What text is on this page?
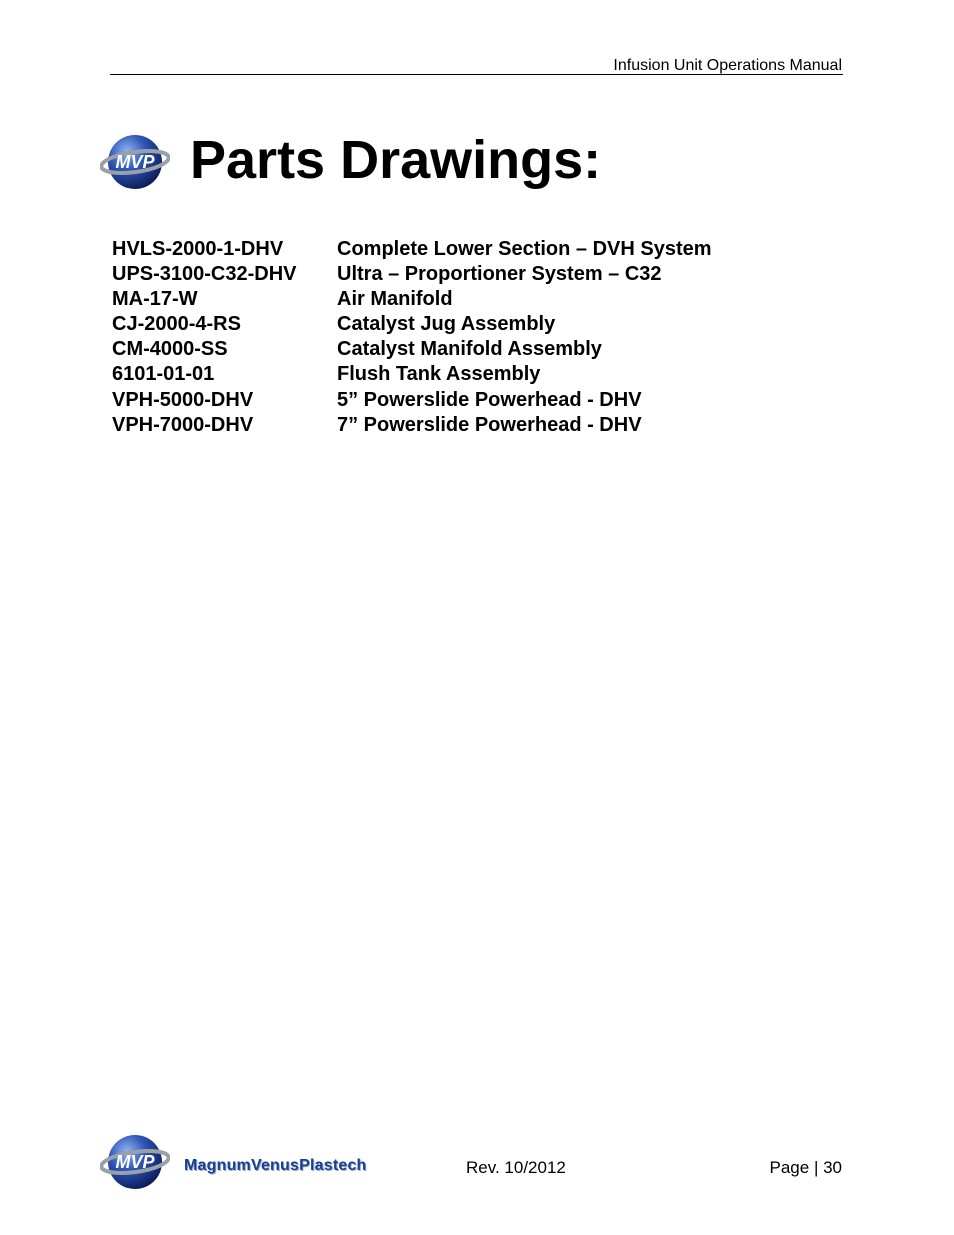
Infusion Unit Operations Manual
MVP Parts Drawings:
HVLS-2000-1-DHV	Complete Lower Section – DVH System
UPS-3100-C32-DHV Ultra – Proportioner System – C32
MA-17-W	Air Manifold
CJ-2000-4-RS	Catalyst Jug Assembly
CM-4000-SS	Catalyst Manifold Assembly
6101-01-01	Flush Tank Assembly
VPH-5000-DHV	5” Powerslide Powerhead - DHV
VPH-7000-DHV	7” Powerslide Powerhead - DHV
MVP MagnumVenusPlastech	Rev. 10/2012	Page | 30
